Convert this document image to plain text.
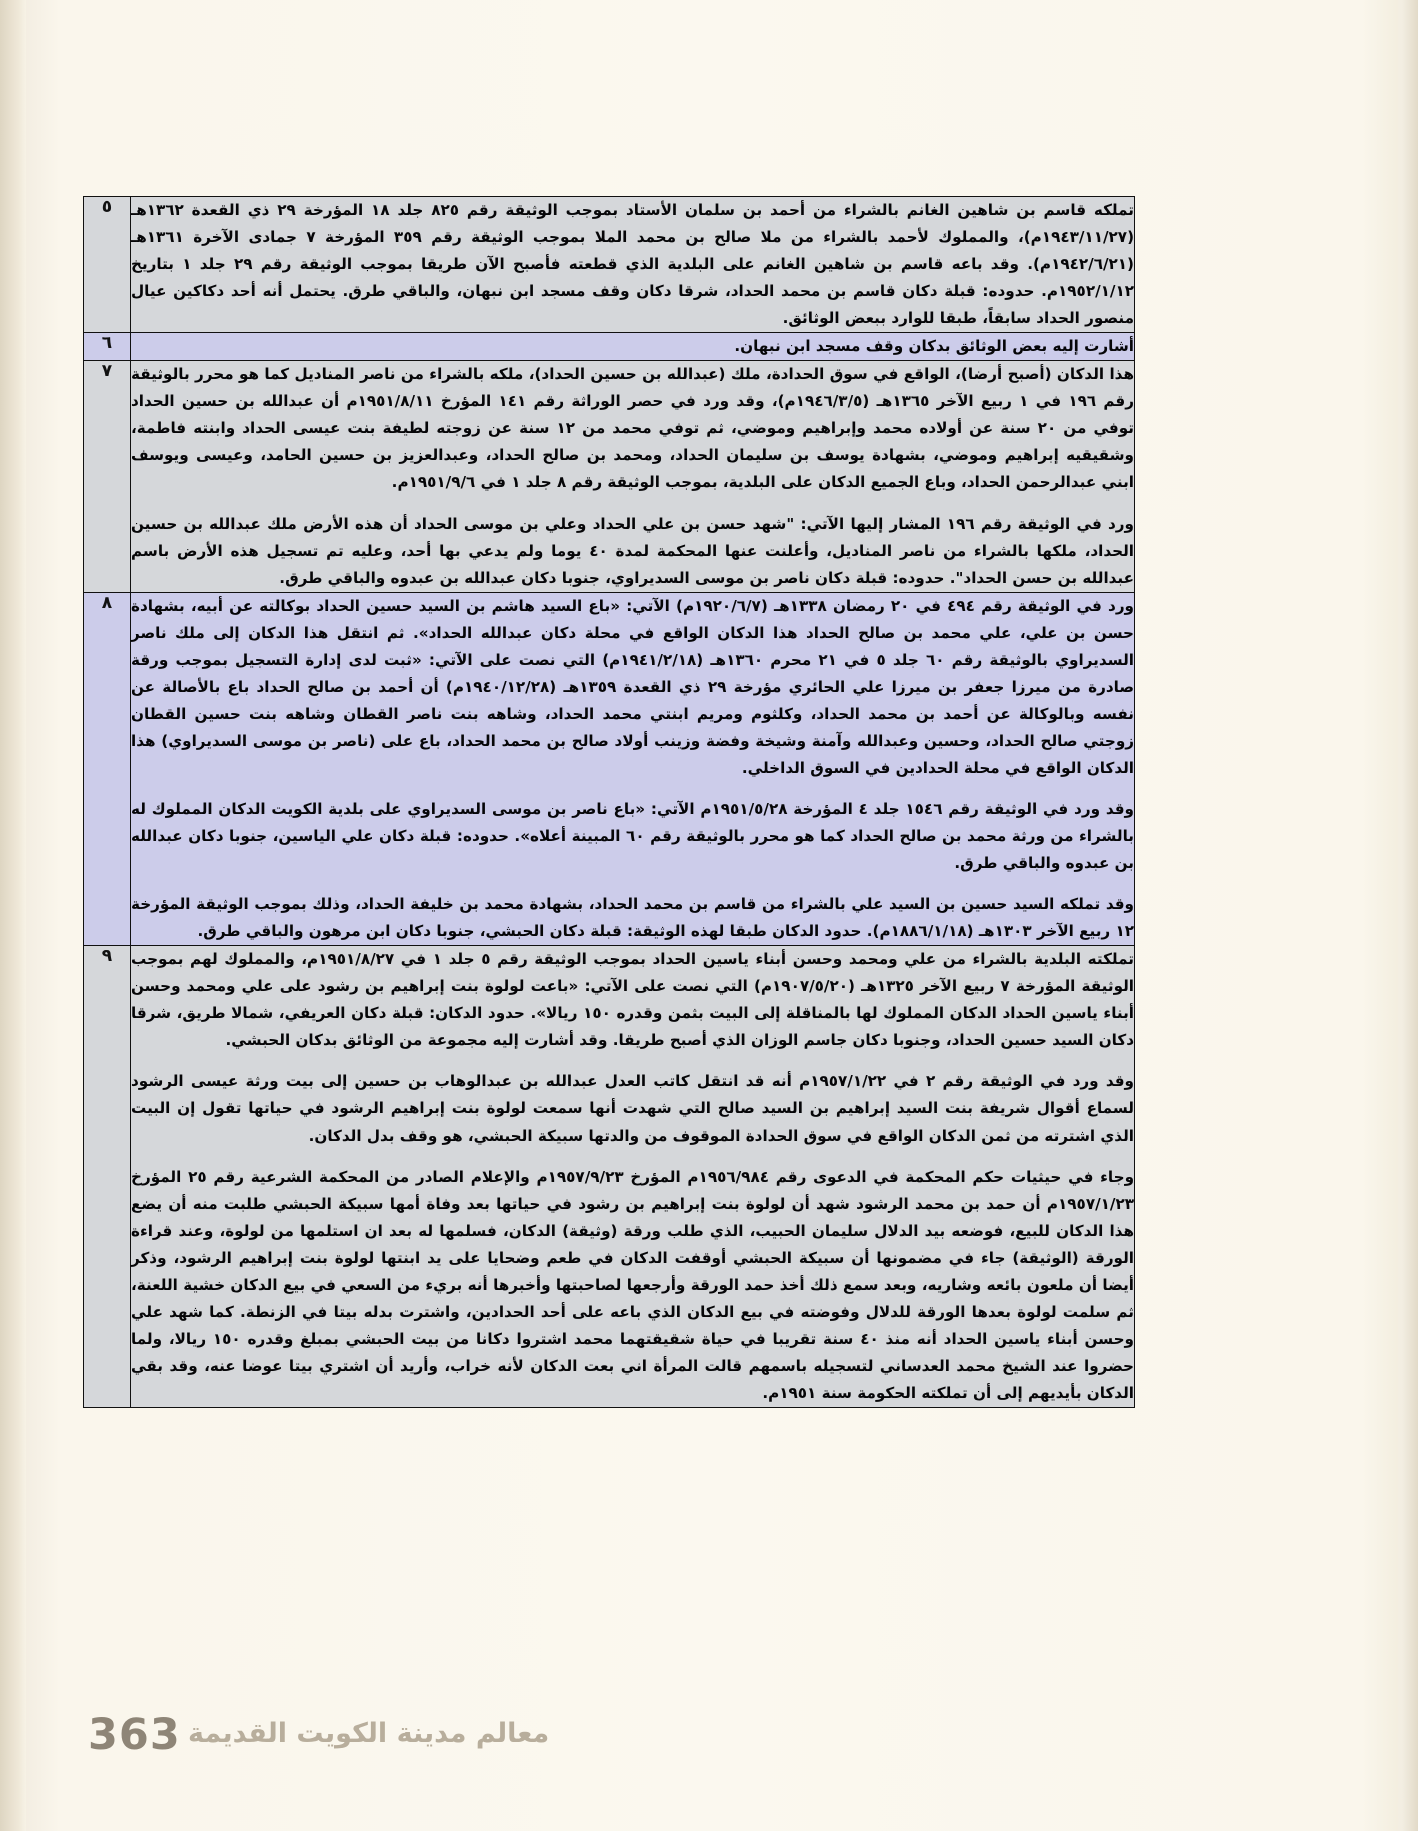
تملكه قاسم بن شاهين الغانم بالشراء من أحمد بن سلمان الأستاد بموجب الوثيقة رقم ٨٢٥ جلد ١٨ المؤرخة ٢٩ ذي القعدة ١٣٦٢هـ (١٩٤٣/١١/٢٧م)، والمملوك لأحمد بالشراء من ملا صالح بن محمد الملا بموجب الوثيقة رقم ٣٥٩ المؤرخة ٧ جمادى الآخرة ١٣٦١هـ (١٩٤٢/٦/٢١م). وقد باعه قاسم بن شاهين الغانم على البلدية الذي قطعته فأصبح الآن طريقا بموجب الوثيقة رقم ٢٩ جلد ١ بتاريخ ١٩٥٢/١/١٢م. حدوده: قبلة دكان قاسم بن محمد الحداد، شرقا دكان وقف مسجد ابن نبهان، والباقي طرق. يحتمل أنه أحد دكاكين عيال منصور الحداد سابقاً، طبقا للوارد ببعض الوثائق.	٥
أشارت إليه بعض الوثائق بدكان وقف مسجد ابن نبهان.	٦

هذا الدكان (أصبح أرضا)، الواقع في سوق الحدادة، ملك (عبدالله بن حسين الحداد)، ملكه بالشراء من ناصر المناديل كما هو محرر بالوثيقة رقم ١٩٦ في ١ ربيع الآخر ١٣٦٥هـ (١٩٤٦/٣/٥م)، وقد ورد في حصر الوراثة رقم ١٤١ المؤرخ ١٩٥١/٨/١١م أن عبدالله بن حسين الحداد توفي من ٢٠ سنة عن أولاده محمد وإبراهيم وموضي، ثم توفي محمد من ١٢ سنة عن زوجته لطيفة بنت عيسى الحداد وابنته فاطمة، وشقيقيه إبراهيم وموضي، بشهادة يوسف بن سليمان الحداد، ومحمد بن صالح الحداد، وعبدالعزيز بن حسين الحامد، وعيسى ويوسف ابني عبدالرحمن الحداد، وباع الجميع الدكان على البلدية، بموجب الوثيقة رقم ٨ جلد ١ في ١٩٥١/٩/٦م.

ورد في الوثيقة رقم ١٩٦ المشار إليها الآتي: "شهد حسن بن علي الحداد وعلي بن موسى الحداد أن هذه الأرض ملك عبدالله بن حسين الحداد، ملكها بالشراء من ناصر المناديل، وأعلنت عنها المحكمة لمدة ٤٠ يوما ولم يدعي بها أحد، وعليه تم تسجيل هذه الأرض باسم عبدالله بن حسن الحداد". حدوده: قبلة دكان ناصر بن موسى السديراوي، جنوبا دكان عبدالله بن عبدوه والباقي طرق.	٧

ورد في الوثيقة رقم ٤٩٤ في ٢٠ رمضان ١٣٣٨هـ (١٩٢٠/٦/٧م) الآتي: «باع السيد هاشم بن السيد حسين الحداد بوكالته عن أبيه، بشهادة حسن بن علي، علي محمد بن صالح الحداد هذا الدكان الواقع في محلة دكان عبدالله الحداد». ثم انتقل هذا الدكان إلى ملك ناصر السديراوي بالوثيقة رقم ٦٠ جلد ٥ في ٢١ محرم ١٣٦٠هـ (١٩٤١/٢/١٨م) التي نصت على الآتي: «ثبت لدى إدارة التسجيل بموجب ورقة صادرة من ميرزا جعفر بن ميرزا علي الحائري مؤرخة ٢٩ ذي القعدة ١٣٥٩هـ (١٩٤٠/١٢/٢٨م) أن أحمد بن صالح الحداد باع بالأصالة عن نفسه وبالوكالة عن أحمد بن محمد الحداد، وكلثوم ومريم ابنتي محمد الحداد، وشاهه بنت ناصر القطان وشاهه بنت حسين القطان زوجتي صالح الحداد، وحسين وعبدالله وآمنة وشيخة وفضة وزينب أولاد صالح بن محمد الحداد، باع على (ناصر بن موسى السديراوي) هذا الدكان الواقع في محلة الحدادين في السوق الداخلي.

وقد ورد في الوثيقة رقم ١٥٤٦ جلد ٤ المؤرخة ١٩٥١/٥/٢٨م الآتي: «باع ناصر بن موسى السديراوي على بلدية الكويت الدكان المملوك له بالشراء من ورثة محمد بن صالح الحداد كما هو محرر بالوثيقة رقم ٦٠ المبينة أعلاه». حدوده: قبلة دكان علي الياسين، جنوبا دكان عبدالله بن عبدوه والباقي طرق.

وقد تملكه السيد حسين بن السيد علي بالشراء من قاسم بن محمد الحداد، بشهادة محمد بن خليفة الحداد، وذلك بموجب الوثيقة المؤرخة ١٢ ربيع الآخر ١٣٠٣هـ (١٨٨٦/١/١٨م). حدود الدكان طبقا لهذه الوثيقة: قبلة دكان الحبشي، جنوبا دكان ابن مرهون والباقي طرق.	٨

تملكته البلدية بالشراء من علي ومحمد وحسن أبناء ياسين الحداد بموجب الوثيقة رقم ٥ جلد ١ في ١٩٥١/٨/٢٧م، والمملوك لهم بموجب الوثيقة المؤرخة ٧ ربيع الآخر ١٣٢٥هـ (١٩٠٧/٥/٢٠م) التي نصت على الآتي: «باعت لولوة بنت إبراهيم بن رشود على علي ومحمد وحسن أبناء ياسين الحداد الدكان المملوك لها بالمناقلة إلى البيت بثمن وقدره ١٥٠ ريالا». حدود الدكان: قبلة دكان العريفي، شمالا طريق، شرقا دكان السيد حسين الحداد، وجنوبا دكان جاسم الوزان الذي أصبح طريقا. وقد أشارت إليه مجموعة من الوثائق بدكان الحبشي.

وقد ورد في الوثيقة رقم ٢ في ١٩٥٧/١/٢٢م أنه قد انتقل كاتب العدل عبدالله بن عبدالوهاب بن حسين إلى بيت ورثة عيسى الرشود لسماع أقوال شريفة بنت السيد إبراهيم بن السيد صالح التي شهدت أنها سمعت لولوة بنت إبراهيم الرشود في حياتها تقول إن البيت الذي اشترته من ثمن الدكان الواقع في سوق الحدادة الموقوف من والدتها سبيكة الحبشي، هو وقف بدل الدكان.

وجاء في حيثيات حكم المحكمة في الدعوى رقم ١٩٥٦/٩٨٤م المؤرخ ١٩٥٧/٩/٢٣م والإعلام الصادر من المحكمة الشرعية رقم ٢٥ المؤرخ ١٩٥٧/١/٢٣م أن حمد بن محمد الرشود شهد أن لولوة بنت إبراهيم بن رشود في حياتها بعد وفاة أمها سبيكة الحبشي طلبت منه أن يضع هذا الدكان للبيع، فوضعه بيد الدلال سليمان الحبيب، الذي طلب ورقة (وثيقة) الدكان، فسلمها له بعد ان استلمها من لولوة، وعند قراءة الورقة (الوثيقة) جاء في مضمونها أن سبيكة الحبشي أوقفت الدكان في طعم وضحايا على يد ابنتها لولوة بنت إبراهيم الرشود، وذكر أيضا أن ملعون بائعه وشاريه، وبعد سمع ذلك أخذ حمد الورقة وأرجعها لصاحبتها وأخبرها أنه بريء من السعي في بيع الدكان خشية اللعنة، ثم سلمت لولوة بعدها الورقة للدلال وفوضته في بيع الدكان الذي باعه على أحد الحدادين، واشترت بدله بيتا في الزنطة. كما شهد علي وحسن أبناء ياسين الحداد أنه منذ ٤٠ سنة تقريبا في حياة شقيقتهما محمد اشتروا دكانا من بيت الحبشي بمبلغ وقدره ١٥٠ ريالا، ولما حضروا عند الشيخ محمد العدساني لتسجيله باسمهم قالت المرأة اني بعت الدكان لأنه خراب، وأريد أن اشتري بيتا عوضا عنه، وقد بقي الدكان بأيديهم إلى أن تملكته الحكومة سنة ١٩٥١م.	٩
363 معالم مدينة الكويت القديمة
